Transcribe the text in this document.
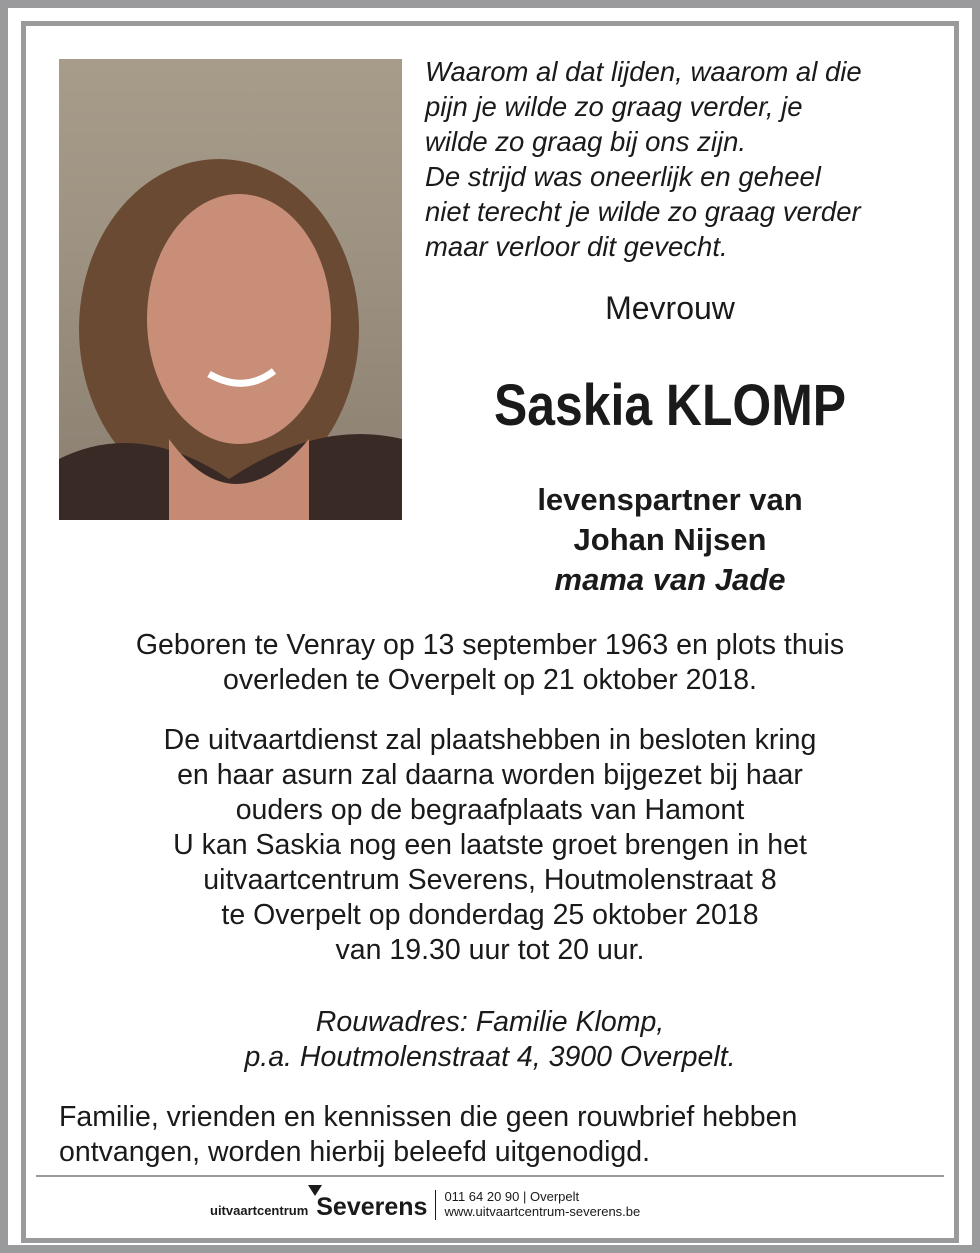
Waarom al dat lijden, waarom al die
pijn je wilde zo graag verder, je
wilde zo graag bij ons zijn.
De strijd was oneerlijk en geheel
niet terecht je wilde zo graag verder
maar verloor dit gevecht.
Mevrouw
Saskia KLOMP
levenspartner van
Johan Nijsen
mama van Jade
Geboren te Venray op 13 september 1963 en plots thuis
overleden te Overpelt op 21 oktober 2018.
De uitvaartdienst zal plaatshebben in besloten kring
en haar asurn zal daarna worden bijgezet bij haar
ouders op de begraafplaats van Hamont
U kan Saskia nog een laatste groet brengen in het
uitvaartcentrum Severens, Houtmolenstraat 8
te Overpelt op donderdag 25 oktober 2018
van 19.30 uur tot 20 uur.
Rouwadres: Familie Klomp,
p.a. Houtmolenstraat 4, 3900 Overpelt.
Familie, vrienden en kennissen die geen rouwbrief hebben
ontvangen, worden hierbij beleefd uitgenodigd.
uitvaartcentrum Severens 011 64 20 90 | Overpelt
www.uitvaartcentrum-severens.be
